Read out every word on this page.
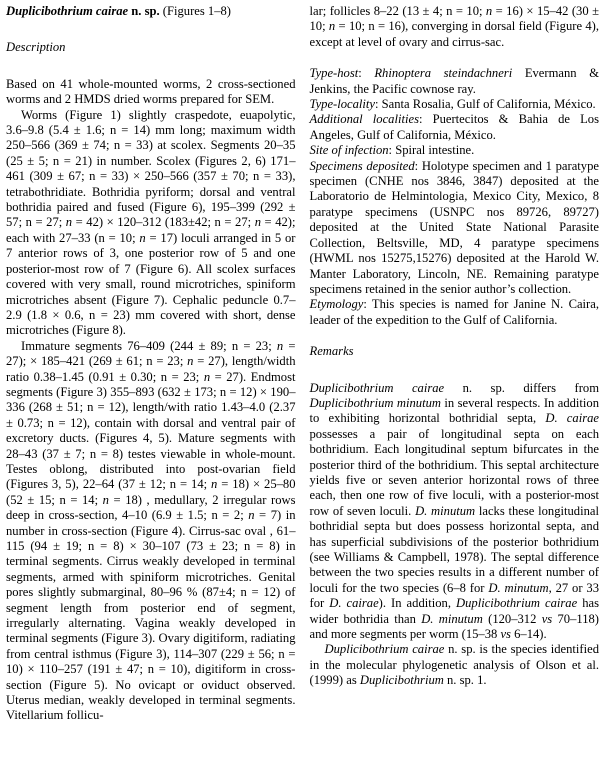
Duplicibothrium cairae n. sp. (Figures 1–8)

Description

Based on 41 whole-mounted worms, 2 cross-sectioned worms and 2 HMDS dried worms prepared for SEM.

Worms (Figure 1) slightly craspedote, euapolytic, 3.6–9.8 (5.4 ± 1.6; n = 14) mm long; maximum width 250–566 (369 ± 74; n = 33) at scolex. Segments 20–35 (25 ± 5; n = 21) in number. Scolex (Figures 2, 6) 171–461 (309 ± 67; n = 33) × 250–566 (357 ± 70; n = 33), tetrabothridiate. Bothridia pyriform; dorsal and ventral bothridia paired and fused (Figure 6), 195–399 (292 ± 57; n = 27; n = 42) × 120–312 (183±42; n = 27; n = 42); each with 27–33 (n = 10; n = 17) loculi arranged in 5 or 7 anterior rows of 3, one posterior row of 5 and one posterior-most row of 7 (Figure 6). All scolex surfaces covered with very small, round microtriches, spiniform microtriches absent (Figure 7). Cephalic peduncle 0.7–2.9 (1.8 × 0.6, n = 23) mm covered with short, dense microtriches (Figure 8).

Immature segments 76–409 (244 ± 89; n = 23; n = 27); × 185–421 (269 ± 61; n = 23; n = 27), length/width ratio 0.38–1.45 (0.91 ± 0.30; n = 23; n = 27). Endmost segments (Figure 3) 355–893 (632 ± 173; n = 12) × 190–336 (268 ± 51; n = 12), length/with ratio 1.43–4.0 (2.37 ± 0.73; n = 12), contain with dorsal and ventral pair of excretory ducts. (Figures 4, 5). Mature segments with 28–43 (37 ± 7; n = 8) testes viewable in whole-mount. Testes oblong, distributed into post-ovarian field (Figures 3, 5), 22–64 (37 ± 12; n = 14; n = 18) × 25–80 (52 ± 15; n = 14; n = 18) , medullary, 2 irregular rows deep in cross-section, 4–10 (6.9 ± 1.5; n = 2; n = 7) in number in cross-section (Figure 4). Cirrus-sac oval , 61–115 (94 ± 19; n = 8) × 30–107 (73 ± 23; n = 8) in terminal segments. Cirrus weakly developed in terminal segments, armed with spiniform microtriches. Genital pores slightly submarginal, 80–96 % (87±4; n = 12) of segment length from posterior end of segment, irregularly alternating. Vagina weakly developed in terminal segments (Figure 3). Ovary digitiform, radiating from central isthmus (Figure 3), 114–307 (229 ± 56; n = 10) × 110–257 (191 ± 47; n = 10), digitiform in cross-section (Figure 5). No ovicapt or oviduct observed. Uterus median, weakly developed in terminal segments. Vitellarium follicu-

lar; follicles 8–22 (13 ± 4; n = 10; n = 16) × 15–42 (30 ± 10; n = 10; n = 16), converging in dorsal field (Figure 4), except at level of ovary and cirrus-sac.

Type-host: Rhinoptera steindachneri Evermann & Jenkins, the Pacific cownose ray.

Type-locality: Santa Rosalia, Gulf of California, México.

Additional localities: Puertecitos & Bahia de Los Angeles, Gulf of California, México.

Site of infection: Spiral intestine.

Specimens deposited: Holotype specimen and 1 paratype specimen (CNHE nos 3846, 3847) deposited at the Laboratorio de Helmintologia, Mexico City, Mexico, 8 paratype specimens (USNPC nos 89726, 89727) deposited at the United State National Parasite Collection, Beltsville, MD, 4 paratype specimens (HWML nos 15275,15276) deposited at the Harold W. Manter Laboratory, Lincoln, NE. Remaining paratype specimens retained in the senior author’s collection.

Etymology: This species is named for Janine N. Caira, leader of the expedition to the Gulf of California.

Remarks

Duplicibothrium cairae n. sp. differs from Duplicibothrium minutum in several respects. In addition to exhibiting horizontal bothridial septa, D. cairae possesses a pair of longitudinal septa on each bothridium. Each longitudinal septum bifurcates in the posterior third of the bothridium. This septal architecture yields five or seven anterior horizontal rows of three each, then one row of five loculi, with a posterior-most row of seven loculi. D. minutum lacks these longitudinal bothridial septa but does possess horizontal septa, and has superficial subdivisions of the posterior bothridium (see Williams & Campbell, 1978). The septal difference between the two species results in a different number of loculi for the two species (6–8 for D. minutum, 27 or 33 for D. cairae). In addition, Duplicibothrium cairae has wider bothridia than D. minutum (120–312 vs 70–118) and more segments per worm (15–38 vs 6–14).

Duplicibothrium cairae n. sp. is the species identified in the molecular phylogenetic analysis of Olson et al. (1999) as Duplicibothrium n. sp. 1.
